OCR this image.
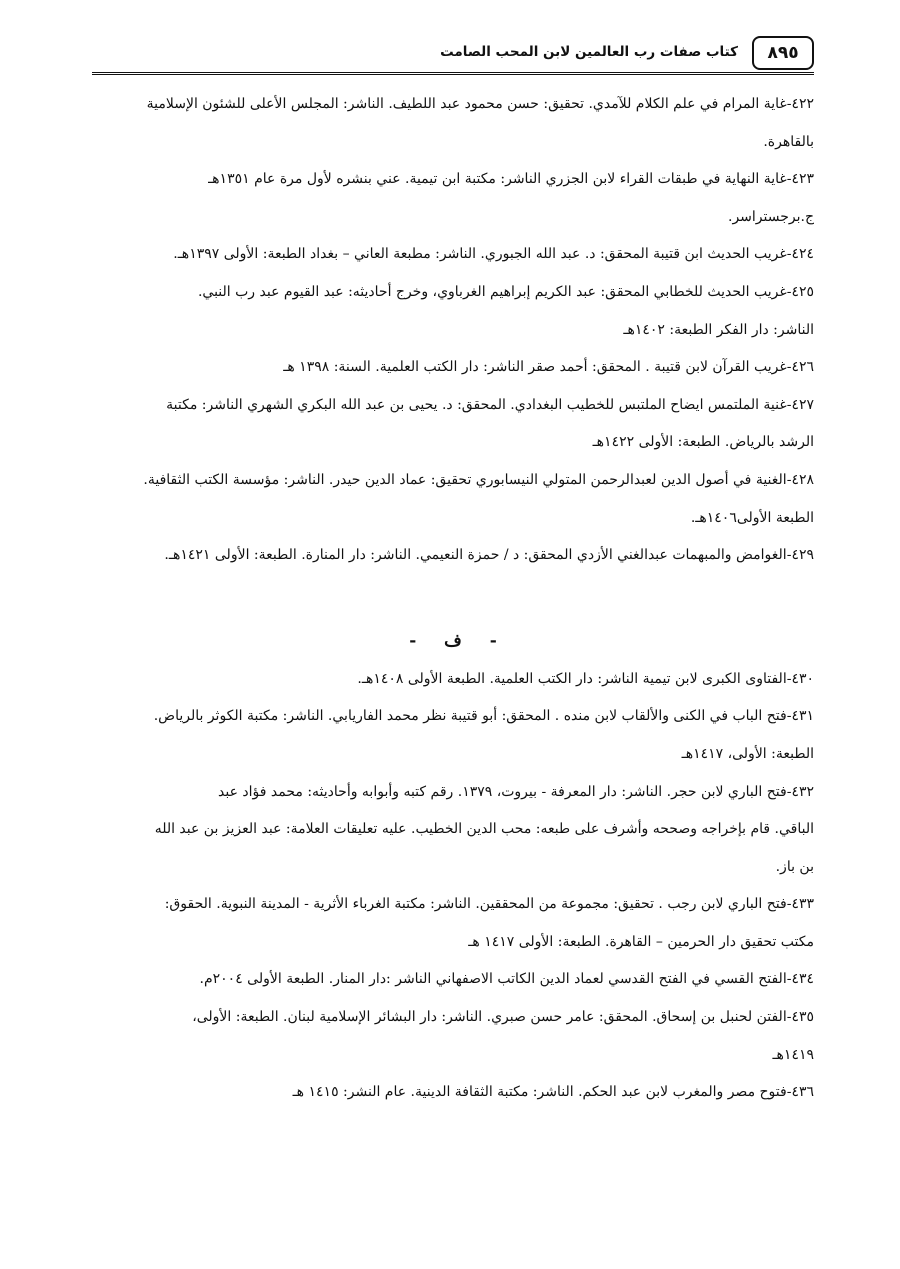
٨٩٥
كتاب صفات رب العالمين لابن المحب الصامت
٤٢٢-غاية المرام في علم الكلام للآمدي. تحقيق: حسن محمود عبد اللطيف. الناشر: المجلس الأعلى للشئون الإسلامية
بالقاهرة.
٤٢٣-غاية النهاية في طبقات القراء لابن الجزري الناشر: مكتبة ابن تيمية. عني بنشره لأول مرة عام ١٣٥١هـ
ج.برجستراسر.
٤٢٤-غريب الحديث ابن قتيبة المحقق: د. عبد الله الجبوري. الناشر: مطبعة العاني – بغداد الطبعة: الأولى ١٣٩٧هـ.
٤٢٥-غريب الحديث للخطابي المحقق: عبد الكريم إبراهيم الغرباوي، وخرج أحاديثه: عبد القيوم عبد رب النبي.
الناشر: دار الفكر الطبعة: ١٤٠٢هـ
٤٢٦-غريب القرآن لابن قتيبة . المحقق: أحمد صقر الناشر: دار الكتب العلمية. السنة: ١٣٩٨ هـ
٤٢٧-غنية الملتمس ايضاح الملتبس للخطيب البغدادي. المحقق: د. يحيى بن عبد الله البكري الشهري الناشر: مكتبة
الرشد بالرياض. الطبعة: الأولى ١٤٢٢هـ
٤٢٨-الغنية في أصول الدين لعبدالرحمن المتولي النيسابوري تحقيق: عماد الدين حيدر. الناشر: مؤسسة الكتب الثقافية.
الطبعة الأولى١٤٠٦هـ.
٤٢٩-الغوامض والمبهمات عبدالغني الأزدي المحقق: د / حمزة النعيمي. الناشر: دار المنارة. الطبعة: الأولى ١٤٢١هـ.
- ف -
٤٣٠-الفتاوى الكبرى لابن تيمية الناشر: دار الكتب العلمية. الطبعة الأولى ١٤٠٨هـ.
٤٣١-فتح الباب في الكنى والألقاب لابن منده . المحقق: أبو قتيبة نظر محمد الفاريابي. الناشر: مكتبة الكوثر بالرياض.
الطبعة: الأولى، ١٤١٧هـ
٤٣٢-فتح الباري لابن حجر. الناشر: دار المعرفة - بيروت، ١٣٧٩. رقم كتبه وأبوابه وأحاديثه: محمد فؤاد عبد
الباقي. قام بإخراجه وصححه وأشرف على طبعه: محب الدين الخطيب. عليه تعليقات العلامة: عبد العزيز بن عبد الله
بن باز.
٤٣٣-فتح الباري لابن رجب . تحقيق: مجموعة من المحققين. الناشر: مكتبة الغرباء الأثرية - المدينة النبوية. الحقوق:
مكتب تحقيق دار الحرمين – القاهرة. الطبعة: الأولى ١٤١٧ هـ
٤٣٤-الفتح القسي في الفتح القدسي لعماد الدين الكاتب الاصفهاني الناشر :دار المنار. الطبعة الأولى ٢٠٠٤م.
٤٣٥-الفتن لحنبل بن إسحاق. المحقق: عامر حسن صبري. الناشر: دار البشائر الإسلامية لبنان. الطبعة: الأولى،
١٤١٩هـ
٤٣٦-فتوح مصر والمغرب لابن عبد الحكم. الناشر: مكتبة الثقافة الدينية. عام النشر: ١٤١٥ هـ
